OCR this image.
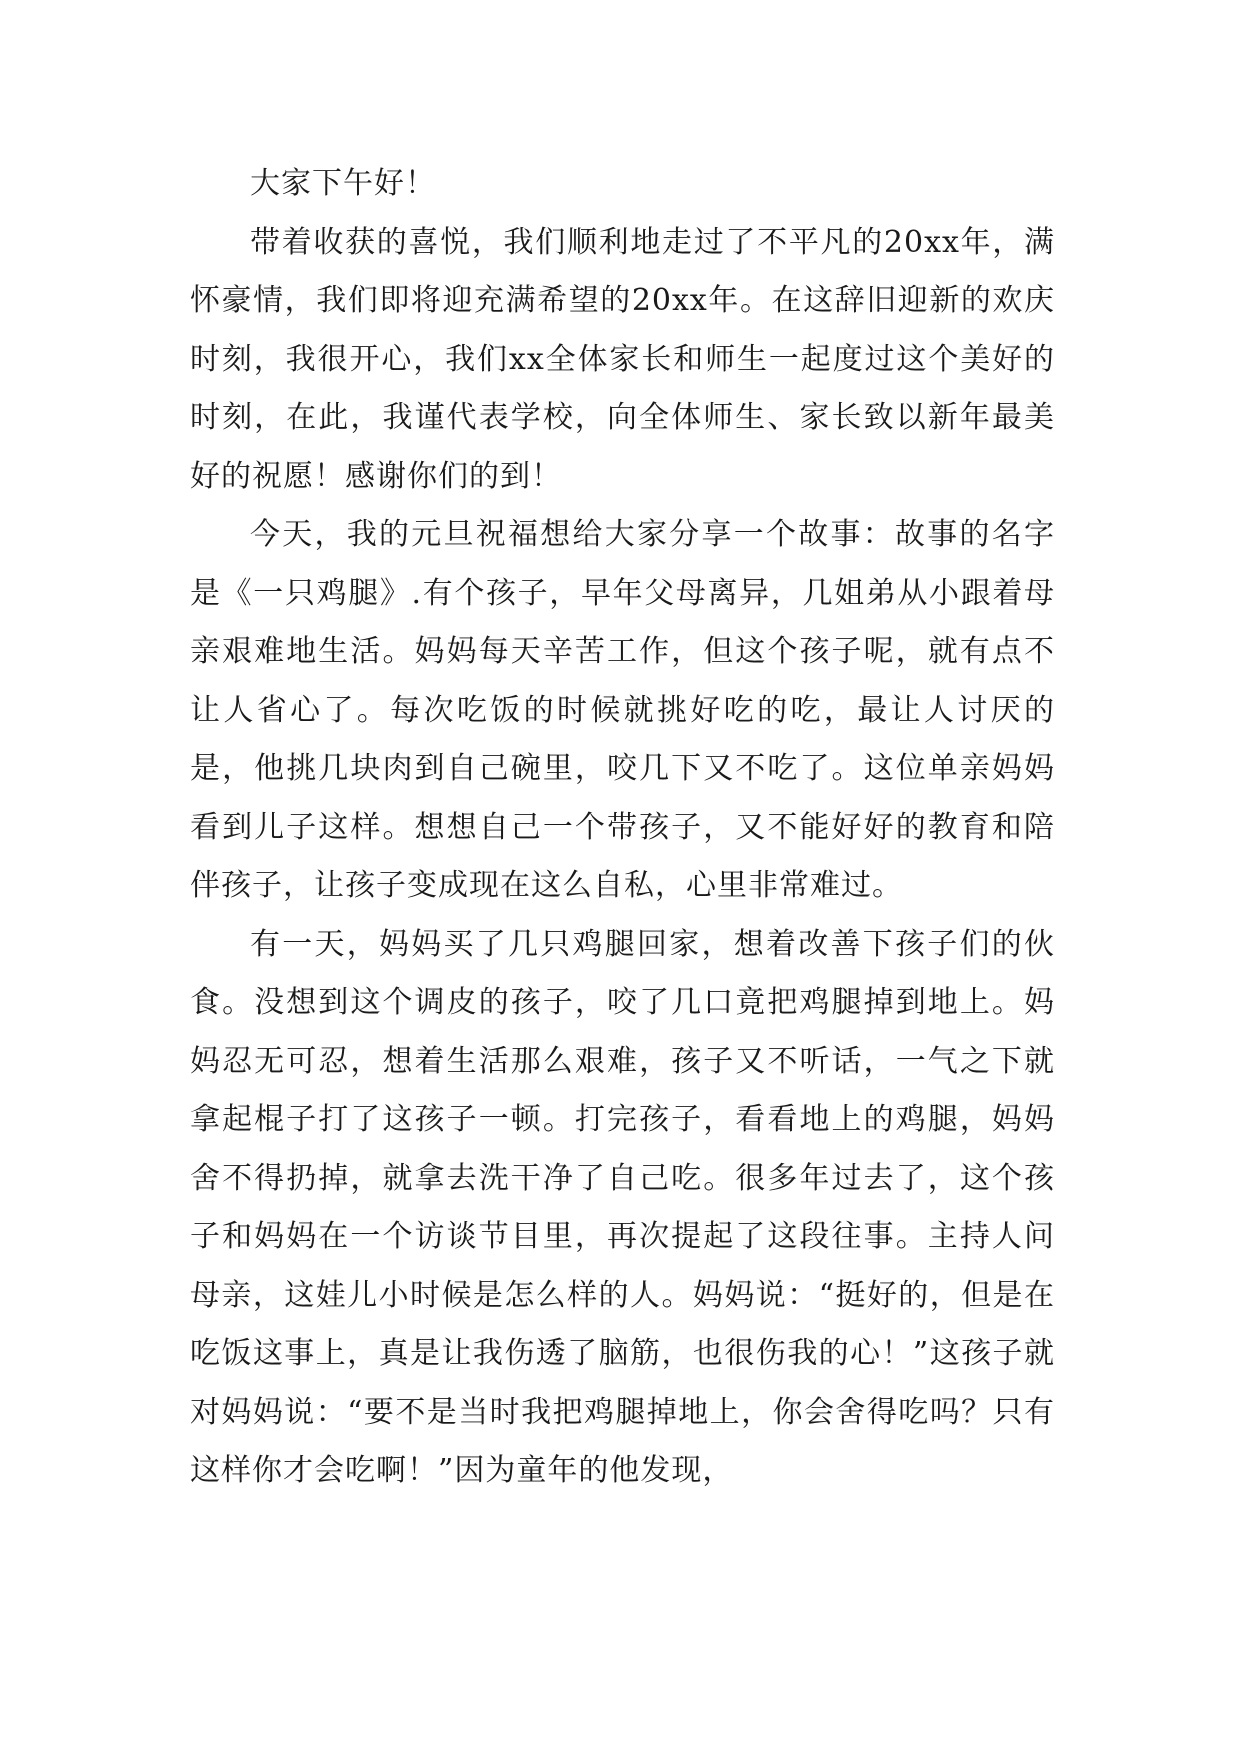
大家下午好！

带着收获的喜悦，我们顺利地走过了不平凡的20xx年，满怀豪情，我们即将迎充满希望的20xx年。在这辞旧迎新的欢庆时刻，我很开心，我们xx全体家长和师生一起度过这个美好的时刻，在此，我谨代表学校，向全体师生、家长致以新年最美好的祝愿！感谢你们的到！

今天，我的元旦祝福想给大家分享一个故事：故事的名字是《一只鸡腿》.有个孩子，早年父母离异，几姐弟从小跟着母亲艰难地生活。妈妈每天辛苦工作，但这个孩子呢，就有点不让人省心了。每次吃饭的时候就挑好吃的吃，最让人讨厌的是，他挑几块肉到自己碗里，咬几下又不吃了。这位单亲妈妈看到儿子这样。想想自己一个带孩子，又不能好好的教育和陪伴孩子，让孩子变成现在这么自私，心里非常难过。

有一天，妈妈买了几只鸡腿回家，想着改善下孩子们的伙食。没想到这个调皮的孩子，咬了几口竟把鸡腿掉到地上。妈妈忍无可忍，想着生活那么艰难，孩子又不听话，一气之下就拿起棍子打了这孩子一顿。打完孩子，看看地上的鸡腿，妈妈舍不得扔掉，就拿去洗干净了自己吃。很多年过去了，这个孩子和妈妈在一个访谈节目里，再次提起了这段往事。主持人问母亲，这娃儿小时候是怎么样的人。妈妈说：“挺好的，但是在吃饭这事上，真是让我伤透了脑筋，也很伤我的心！”这孩子就对妈妈说：“要不是当时我把鸡腿掉地上，你会舍得吃吗？只有这样你才会吃啊！”因为童年的他发现，
